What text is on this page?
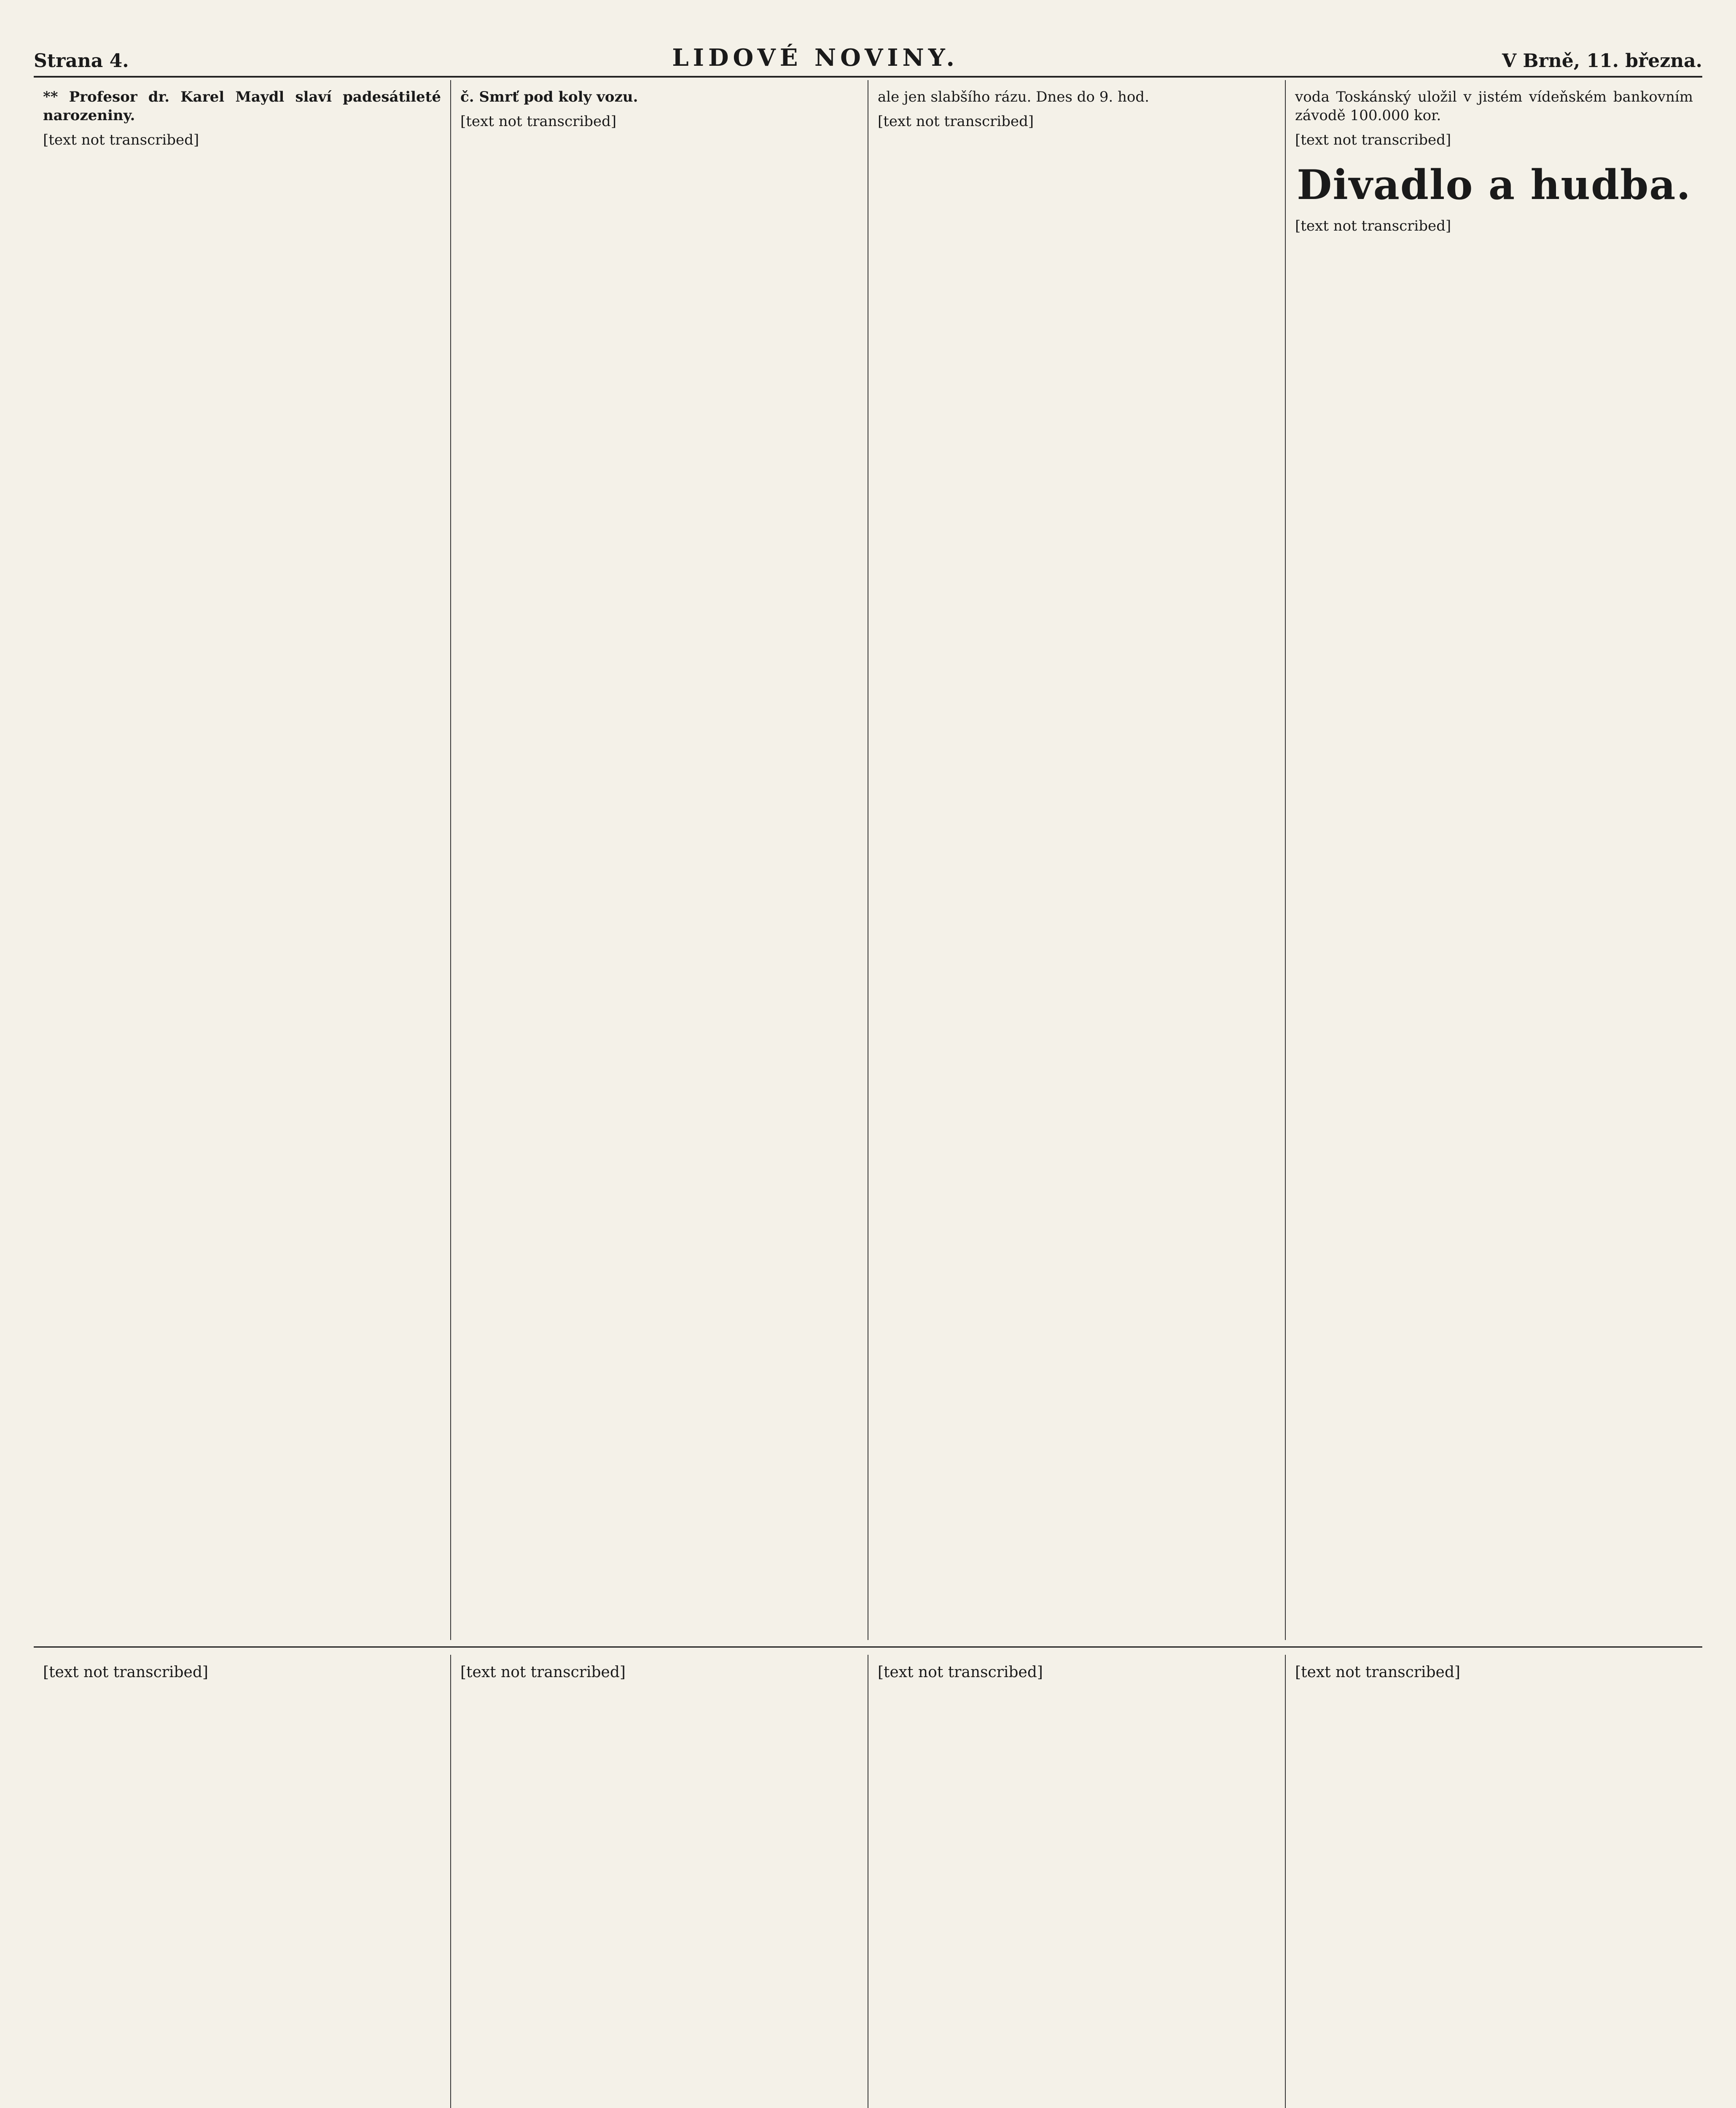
Strana 4.	LIDOVÉ NOVINY.	V Brně, 11. března.

** Profesor dr. Karel Maydl slaví padesátileté narozeniny.

[text not transcribed]

č. Smrť pod koly vozu.

[text not transcribed]

ale jen slabšího rázu. Dnes do 9. hod.

[text not transcribed]

voda Toskánský uložil v jistém vídeňském bankovním závodě 100.000 kor.

[text not transcribed]

Divadlo a hudba.

[text not transcribed]

[text not transcribed]	[text not transcribed]	[text not transcribed]	[text not transcribed]
